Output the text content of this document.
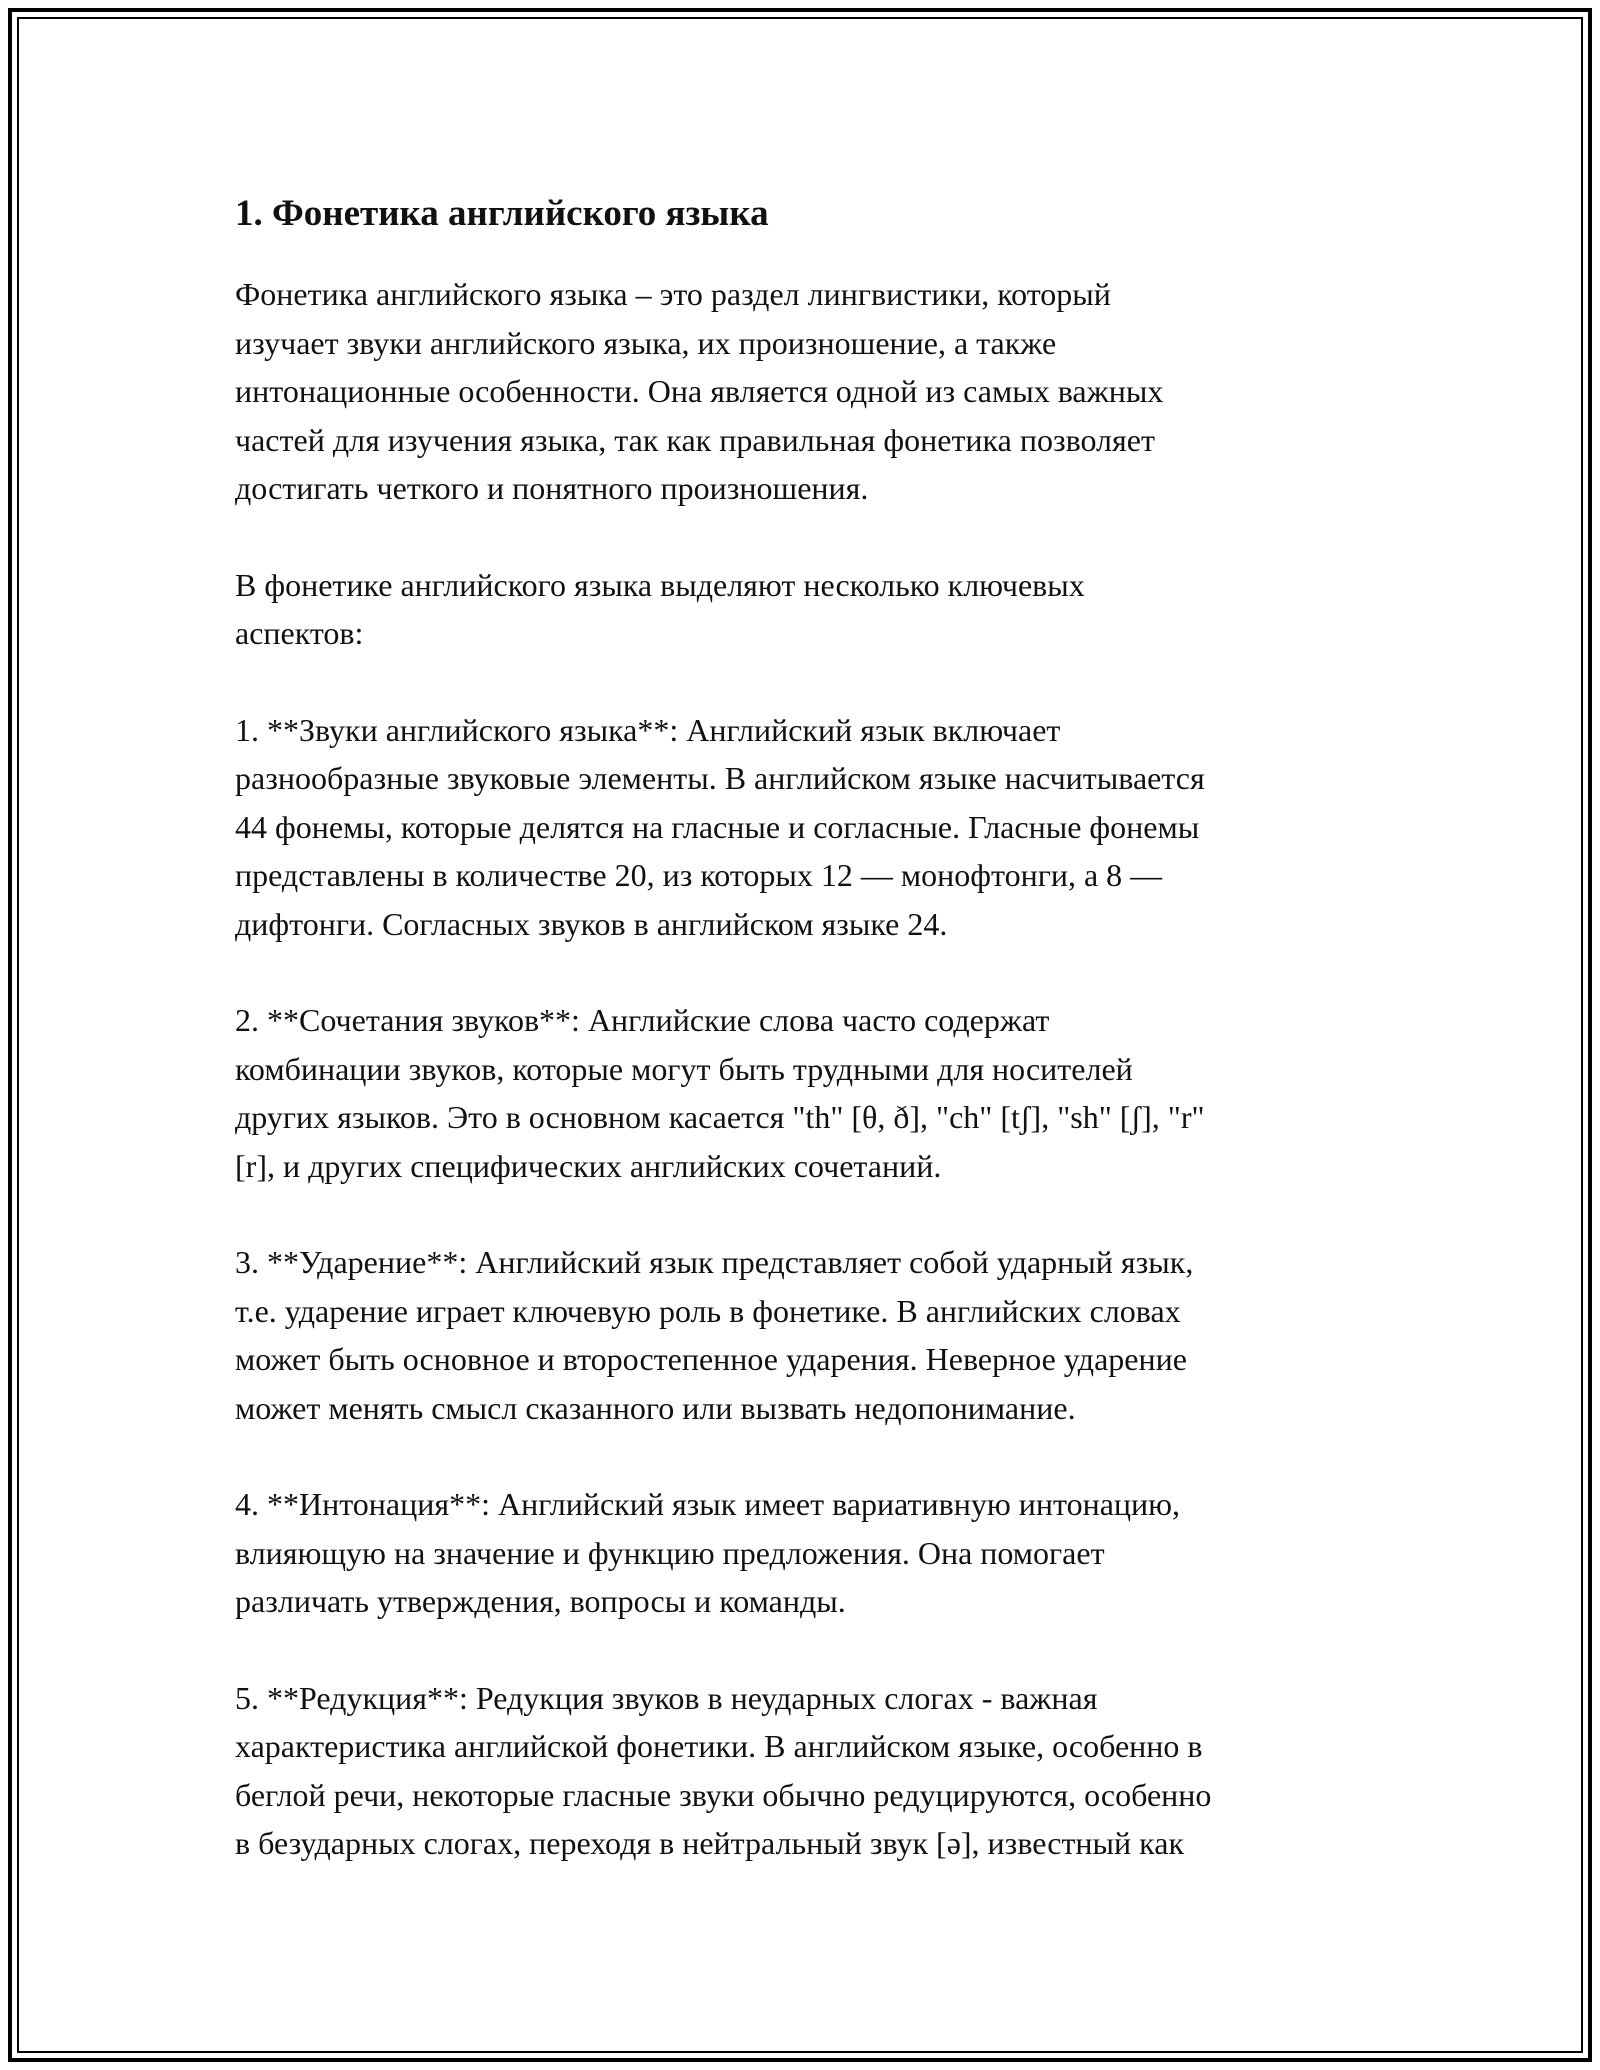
1. Фонетика английского языка

Фонетика английского языка – это раздел лингвистики, который
изучает звуки английского языка, их произношение, а также
интонационные особенности. Она является одной из самых важных
частей для изучения языка, так как правильная фонетика позволяет
достигать четкого и понятного произношения.

В фонетике английского языка выделяют несколько ключевых
аспектов:

1. **Звуки английского языка**: Английский язык включает
разнообразные звуковые элементы. В английском языке насчитывается
44 фонемы, которые делятся на гласные и согласные. Гласные фонемы
представлены в количестве 20, из которых 12 — монофтонги, а 8 —
дифтонги. Согласных звуков в английском языке 24.

2. **Сочетания звуков**: Английские слова часто содержат
комбинации звуков, которые могут быть трудными для носителей
других языков. Это в основном касается "th" [θ, ð], "ch" [tʃ], "sh" [ʃ], "r"
[r], и других специфических английских сочетаний.

3. **Ударение**: Английский язык представляет собой ударный язык,
т.е. ударение играет ключевую роль в фонетике. В английских словах
может быть основное и второстепенное ударения. Неверное ударение
может менять смысл сказанного или вызвать недопонимание.

4. **Интонация**: Английский язык имеет вариативную интонацию,
влияющую на значение и функцию предложения. Она помогает
различать утверждения, вопросы и команды.

5. **Редукция**: Редукция звуков в неударных слогах - важная
характеристика английской фонетики. В английском языке, особенно в
беглой речи, некоторые гласные звуки обычно редуцируются, особенно
в безударных слогах, переходя в нейтральный звук [ə], известный как
